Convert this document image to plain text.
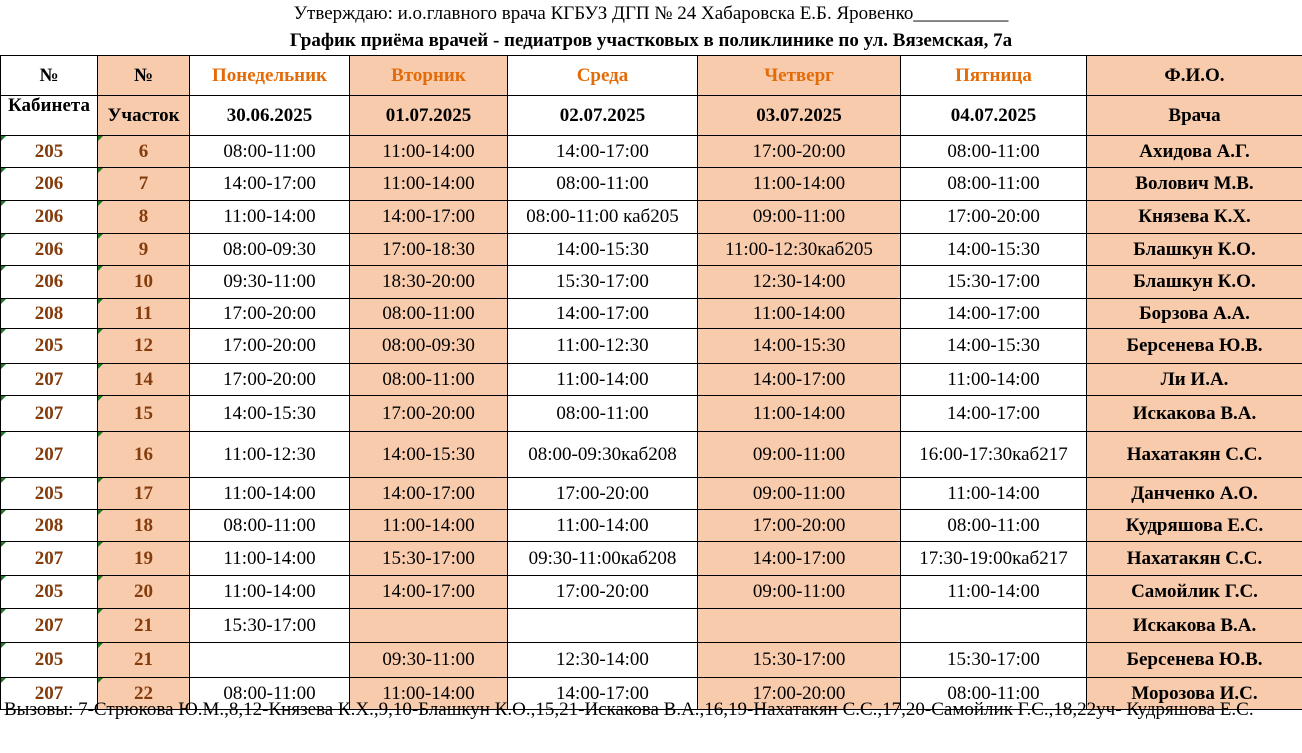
Утверждаю: и.о.главного врача КГБУЗ ДГП № 24 Хабаровска Е.Б. Яровенко__________
График приёма врачей - педиатров участковых в поликлинике по ул. Вяземская, 7а
№	№	Понедельник	Вторник	Среда	Четверг	Пятница	Ф.И.О.
Кабинета	Участок	30.06.2025	01.07.2025	02.07.2025	03.07.2025	04.07.2025	Врача
205	6	08:00-11:00	11:00-14:00	14:00-17:00	17:00-20:00	08:00-11:00	Ахидова А.Г.
206	7	14:00-17:00	11:00-14:00	08:00-11:00	11:00-14:00	08:00-11:00	Волович М.В.
206	8	11:00-14:00	14:00-17:00	08:00-11:00 каб205	09:00-11:00	17:00-20:00	Князева К.Х.
206	9	08:00-09:30	17:00-18:30	14:00-15:30	11:00-12:30каб205	14:00-15:30	Блашкун К.О.
206	10	09:30-11:00	18:30-20:00	15:30-17:00	12:30-14:00	15:30-17:00	Блашкун К.О.
208	11	17:00-20:00	08:00-11:00	14:00-17:00	11:00-14:00	14:00-17:00	Борзова А.А.
205	12	17:00-20:00	08:00-09:30	11:00-12:30	14:00-15:30	14:00-15:30	Берсенева Ю.В.
207	14	17:00-20:00	08:00-11:00	11:00-14:00	14:00-17:00	11:00-14:00	Ли И.А.
207	15	14:00-15:30	17:00-20:00	08:00-11:00	11:00-14:00	14:00-17:00	Искакова В.А.
207	16	11:00-12:30	14:00-15:30	08:00-09:30каб208	09:00-11:00	16:00-17:30каб217	Нахатакян С.С.
205	17	11:00-14:00	14:00-17:00	17:00-20:00	09:00-11:00	11:00-14:00	Данченко А.О.
208	18	08:00-11:00	11:00-14:00	11:00-14:00	17:00-20:00	08:00-11:00	Кудряшова Е.С.
207	19	11:00-14:00	15:30-17:00	09:30-11:00каб208	14:00-17:00	17:30-19:00каб217	Нахатакян С.С.
205	20	11:00-14:00	14:00-17:00	17:00-20:00	09:00-11:00	11:00-14:00	Самойлик Г.С.
207	21	15:30-17:00					Искакова В.А.
205	21		09:30-11:00	12:30-14:00	15:30-17:00	15:30-17:00	Берсенева Ю.В.
207	22	08:00-11:00	11:00-14:00	14:00-17:00	17:00-20:00	08:00-11:00	Морозова И.С.
Вызовы: 7-Стрюкова Ю.М.,8,12-Князева К.Х.,9,10-Блашкун К.О.,15,21-Искакова В.А.,16,19-Нахатакян С.С.,17,20-Самойлик Г.С.,18,22уч- Кудряшова Е.С.
